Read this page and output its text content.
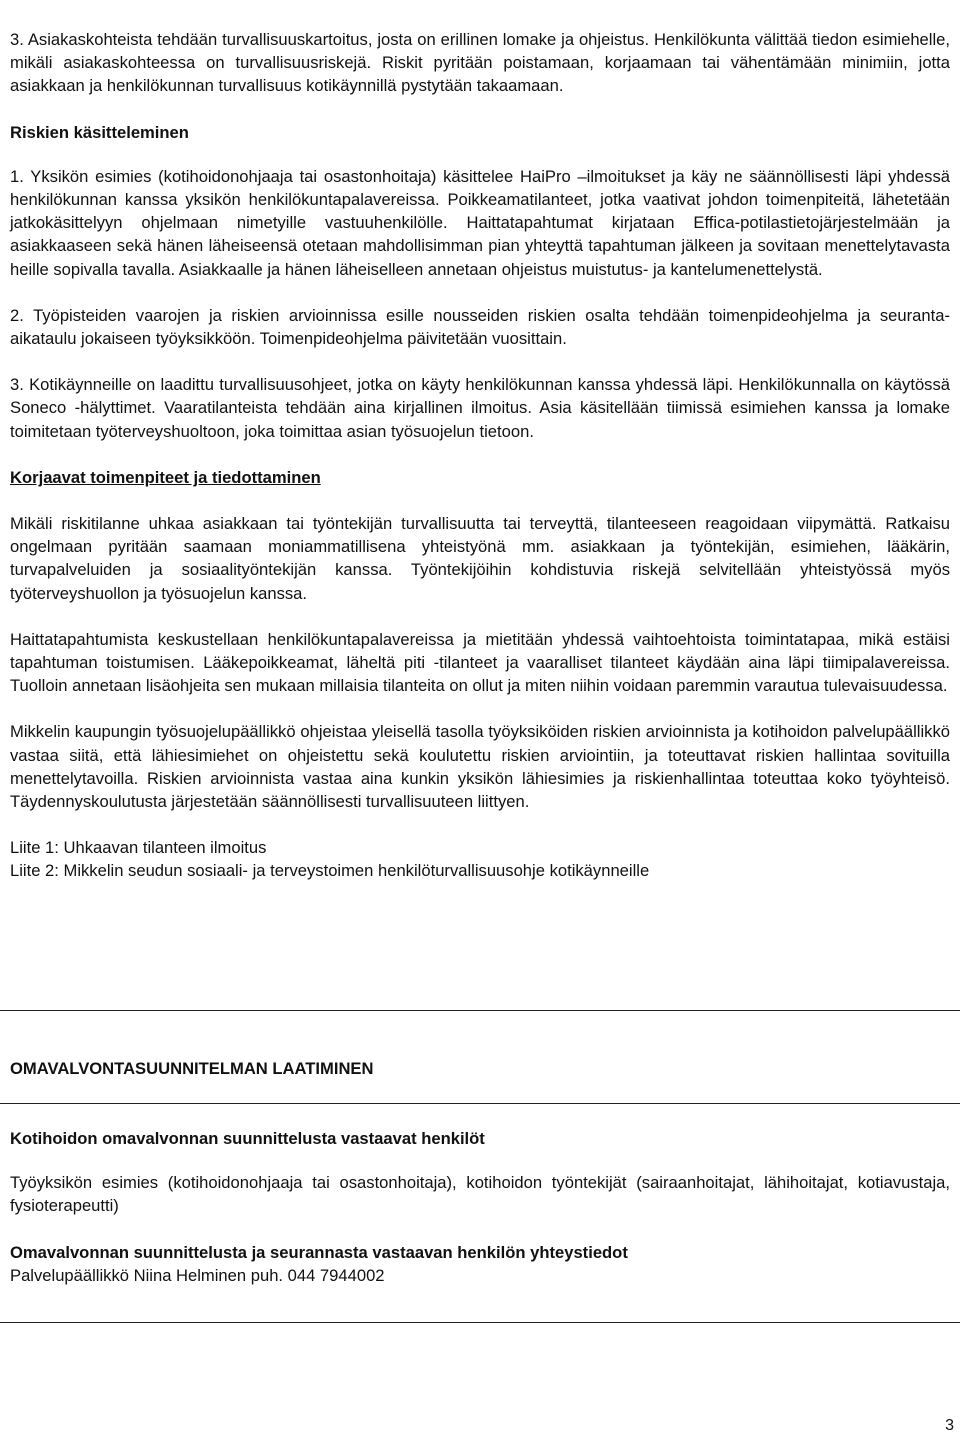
3. Asiakaskohteista tehdään turvallisuuskartoitus, josta on erillinen lomake ja ohjeistus. Henkilökunta välittää tiedon esimiehelle, mikäli asiakaskohteessa on turvallisuusriskejä. Riskit pyritään poistamaan, korjaamaan tai vähentämään minimiin, jotta asiakkaan ja henkilökunnan turvallisuus kotikäynnillä pystytään takaamaan.

Riskien käsitteleminen

1. Yksikön esimies (kotihoidonohjaaja tai osastonhoitaja) käsittelee HaiPro –ilmoitukset ja käy ne säännöllisesti läpi yhdessä henkilökunnan kanssa yksikön henkilökuntapalavereissa. Poikkeamatilanteet, jotka vaativat johdon toimenpiteitä, lähetetään jatkokäsittelyyn ohjelmaan nimetyille vastuuhenkilölle. Haittatapahtumat kirjataan Effica-potilastietojärjestelmään ja asiakkaaseen sekä hänen läheiseensä otetaan mahdollisimman pian yhteyttä tapahtuman jälkeen ja sovitaan menettelytavasta heille sopivalla tavalla. Asiakkaalle ja hänen läheiselleen annetaan ohjeistus muistutus- ja kantelumenettelystä.

2. Työpisteiden vaarojen ja riskien arvioinnissa esille nousseiden riskien osalta tehdään toimenpideohjelma ja seuranta-aikataulu jokaiseen työyksikköön. Toimenpideohjelma päivitetään vuosittain.

3. Kotikäynneille on laadittu turvallisuusohjeet, jotka on käyty henkilökunnan kanssa yhdessä läpi. Henkilökunnalla on käytössä Soneco -hälyttimet. Vaaratilanteista tehdään aina kirjallinen ilmoitus. Asia käsitellään tiimissä esimiehen kanssa ja lomake toimitetaan työterveyshuoltoon, joka toimittaa asian työsuojelun tietoon.

Korjaavat toimenpiteet ja tiedottaminen

Mikäli riskitilanne uhkaa asiakkaan tai työntekijän turvallisuutta tai terveyttä, tilanteeseen reagoidaan viipymättä. Ratkaisu ongelmaan pyritään saamaan moniammatillisena yhteistyönä mm. asiakkaan ja työntekijän, esimiehen, lääkärin, turvapalveluiden ja sosiaalityöntekijän kanssa. Työntekijöihin kohdistuvia riskejä selvitellään yhteistyössä myös työterveyshuollon ja työsuojelun kanssa.

Haittatapahtumista keskustellaan henkilökuntapalavereissa ja mietitään yhdessä vaihtoehtoista toimintatapaa, mikä estäisi tapahtuman toistumisen. Lääkepoikkeamat, läheltä piti -tilanteet ja vaaralliset tilanteet käydään aina läpi tiimipalavereissa. Tuolloin annetaan lisäohjeita sen mukaan millaisia tilanteita on ollut ja miten niihin voidaan paremmin varautua tulevaisuudessa.

Mikkelin kaupungin työsuojelupäällikkö ohjeistaa yleisellä tasolla työyksiköiden riskien arvioinnista ja kotihoidon palvelupäällikkö vastaa siitä, että lähiesimiehet on ohjeistettu sekä koulutettu riskien arviointiin, ja toteuttavat riskien hallintaa sovituilla menettelytavoilla. Riskien arvioinnista vastaa aina kunkin yksikön lähiesimies ja riskienhallintaa toteuttaa koko työyhteisö. Täydennyskoulutusta järjestetään säännöllisesti turvallisuuteen liittyen.

Liite 1: Uhkaavan tilanteen ilmoitus

Liite 2: Mikkelin seudun sosiaali- ja terveystoimen henkilöturvallisuusohje kotikäynneille

OMAVALVONTASUUNNITELMAN LAATIMINEN

Kotihoidon omavalvonnan suunnittelusta vastaavat henkilöt

Työyksikön esimies (kotihoidonohjaaja tai osastonhoitaja), kotihoidon työntekijät (sairaanhoitajat, lähihoitajat, kotiavustaja, fysioterapeutti)

Omavalvonnan suunnittelusta ja seurannasta vastaavan henkilön yhteystiedot

Palvelupäällikkö Niina Helminen puh. 044 7944002

3
